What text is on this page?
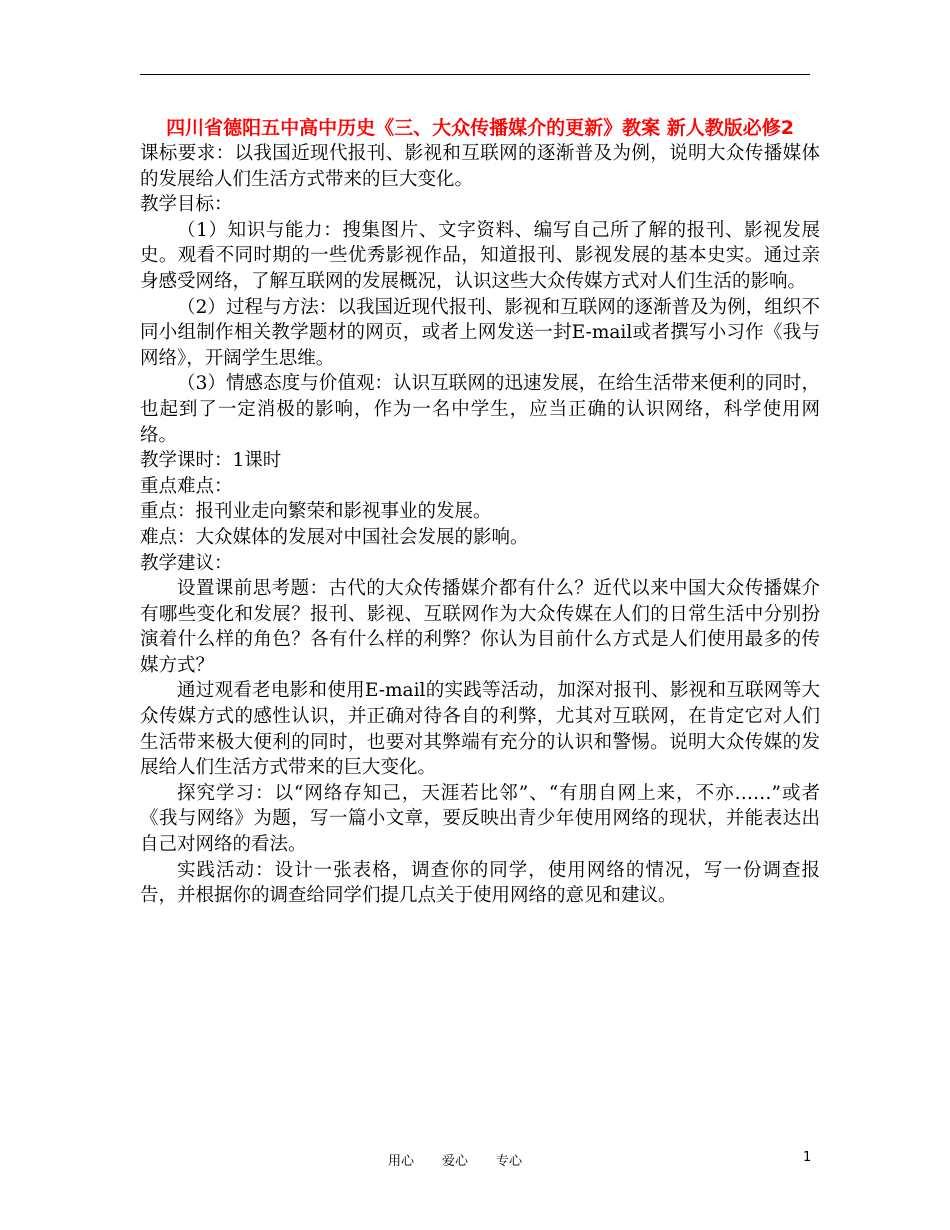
四川省德阳五中高中历史《三、大众传播媒介的更新》教案 新人教版必修2

课标要求：以我国近现代报刊、影视和互联网的逐渐普及为例，说明大众传播媒体的发展给人们生活方式带来的巨大变化。

教学目标：

（1）知识与能力：搜集图片、文字资料、编写自己所了解的报刊、影视发展史。观看不同时期的一些优秀影视作品，知道报刊、影视发展的基本史实。通过亲身感受网络，了解互联网的发展概况，认识这些大众传媒方式对人们生活的影响。

（2）过程与方法：以我国近现代报刊、影视和互联网的逐渐普及为例，组织不同小组制作相关教学题材的网页，或者上网发送一封E-mail或者撰写小习作《我与网络》，开阔学生思维。

（3）情感态度与价值观：认识互联网的迅速发展，在给生活带来便利的同时，也起到了一定消极的影响，作为一名中学生，应当正确的认识网络，科学使用网络。

教学课时：1课时

重点难点：

重点：报刊业走向繁荣和影视事业的发展。

难点：大众媒体的发展对中国社会发展的影响。

教学建议：

设置课前思考题：古代的大众传播媒介都有什么？近代以来中国大众传播媒介有哪些变化和发展？报刊、影视、互联网作为大众传媒在人们的日常生活中分别扮演着什么样的角色？各有什么样的利弊？你认为目前什么方式是人们使用最多的传媒方式？

通过观看老电影和使用E-mail的实践等活动，加深对报刊、影视和互联网等大众传媒方式的感性认识，并正确对待各自的利弊，尤其对互联网，在肯定它对人们生活带来极大便利的同时，也要对其弊端有充分的认识和警惕。说明大众传媒的发展给人们生活方式带来的巨大变化。

探究学习：以“网络存知己，天涯若比邻”、“有朋自网上来，不亦……”或者《我与网络》为题，写一篇小文章，要反映出青少年使用网络的现状，并能表达出自己对网络的看法。

实践活动：设计一张表格，调查你的同学，使用网络的情况，写一份调查报告，并根据你的调查给同学们提几点关于使用网络的意见和建议。

用心 爱心 专心	1
